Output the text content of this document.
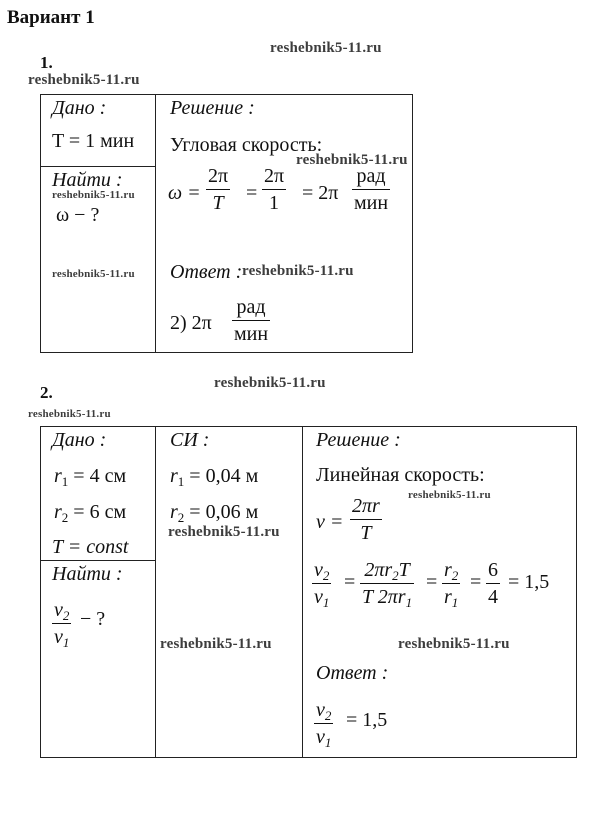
Вариант 1
1.
reshebnik5-11.ru
reshebnik5-11.ru
Дано :
T = 1 мин
Найти :
reshebnik5-11.ru
ω − ?
reshebnik5-11.ru
Решение :
Угловая скорость:
reshebnik5-11.ru
ω =
2π
T =
2π
1 = 2π
рад
мин
Ответ : reshebnik5-11.ru
2) 2π
рад
мин
2.	reshebnik5-11.ru
reshebnik5-11.ru
Дано :
$r_1 = 4$ см
$r_2 = 6$ см
T = const
Найти :
$v_2$
$v_1$
− ?
СИ :
$r_1 = 0,04$ м
$r_2 = 0,06$ м
reshebnik5-11.ru
reshebnik5-11.ru
Решение :
Линейная скорость:
reshebnik5-11.ru
v =
2πr
T
$v_2$
$v_1$
=
$2\pi r_2T$
T $2\pi r_1$
=
$r_2$
$r_1$
=
6
4
= 1,5
reshebnik5-11.ru
Ответ :
$v_2$
$v_1$
= 1,5
